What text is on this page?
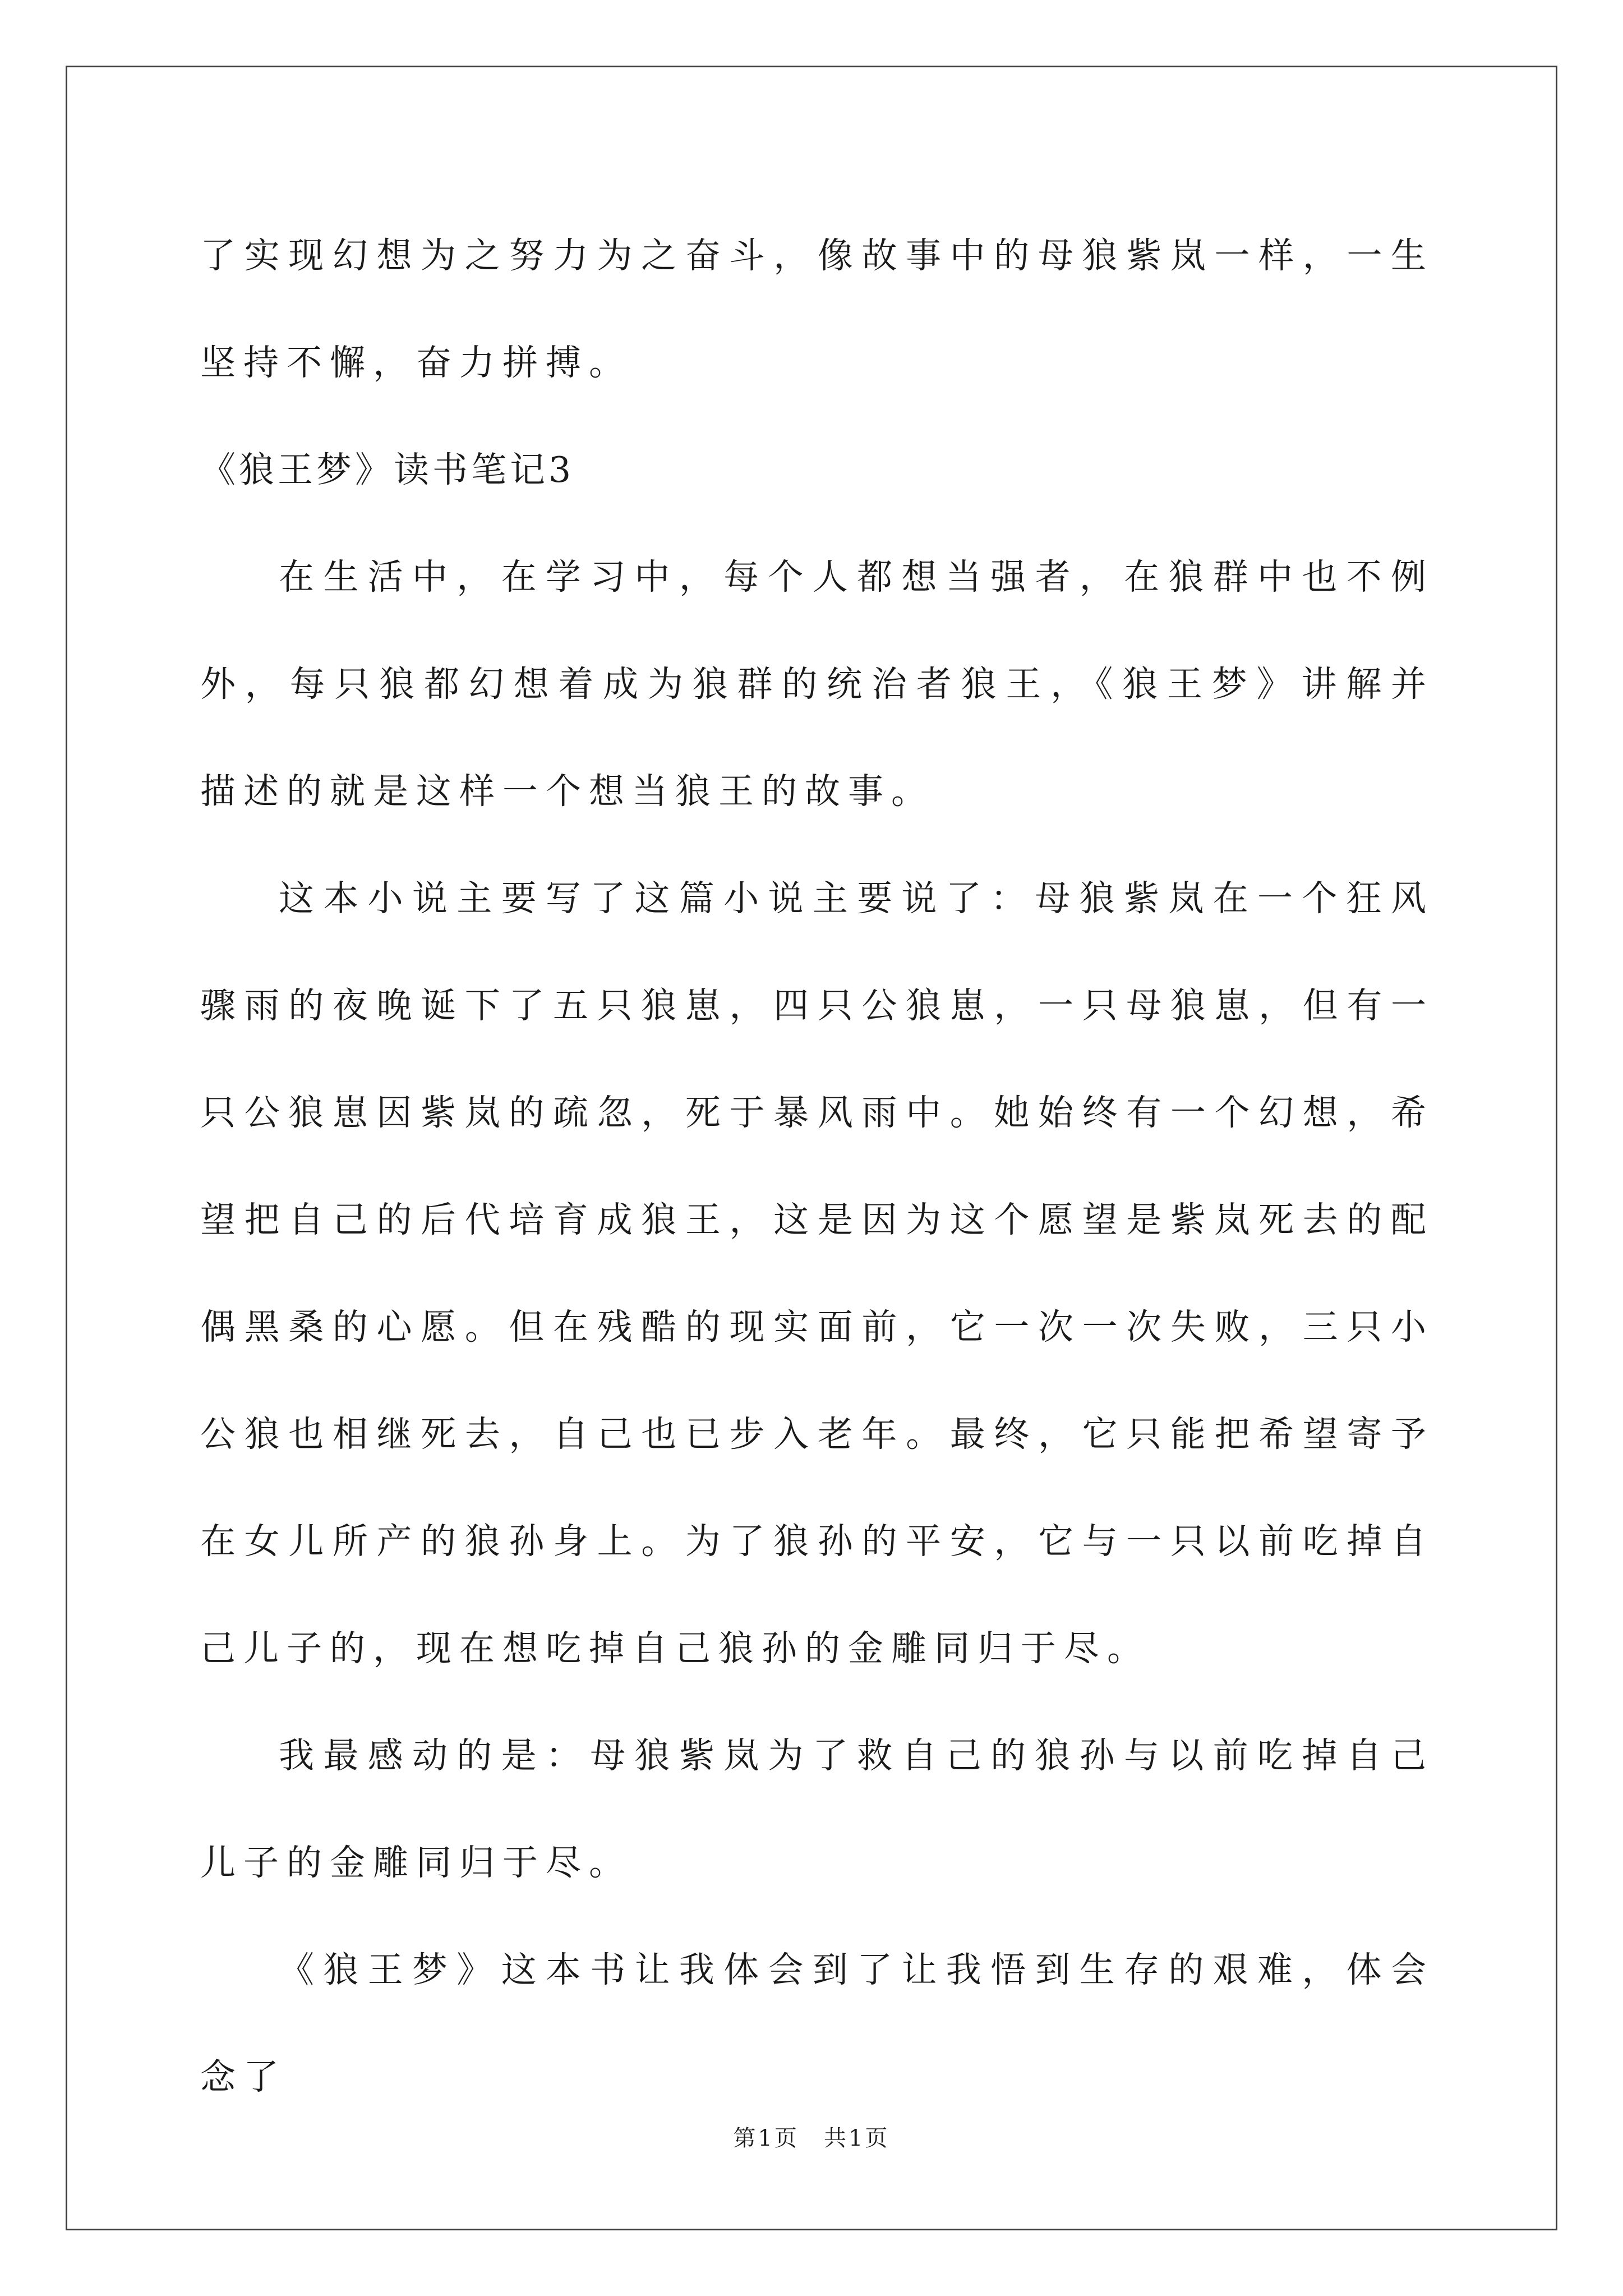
了实现幻想为之努力为之奋斗，像故事中的母狼紫岚一样，一生坚持不懈，奋力拼搏。

《狼王梦》读书笔记3

在生活中，在学习中，每个人都想当强者，在狼群中也不例外，每只狼都幻想着成为狼群的统治者狼王，《狼王梦》讲解并描述的就是这样一个想当狼王的故事。

这本小说主要写了这篇小说主要说了：母狼紫岚在一个狂风骤雨的夜晚诞下了五只狼崽，四只公狼崽，一只母狼崽，但有一只公狼崽因紫岚的疏忽，死于暴风雨中。她始终有一个幻想，希望把自己的后代培育成狼王，这是因为这个愿望是紫岚死去的配偶黑桑的心愿。但在残酷的现实面前，它一次一次失败，三只小公狼也相继死去，自己也已步入老年。最终，它只能把希望寄予在女儿所产的狼孙身上。为了狼孙的平安，它与一只以前吃掉自己儿子的，现在想吃掉自己狼孙的金雕同归于尽。

我最感动的是：母狼紫岚为了救自己的狼孙与以前吃掉自己儿子的金雕同归于尽。

《狼王梦》这本书让我体会到了让我悟到生存的艰难，体会念了

第1页　共1页
